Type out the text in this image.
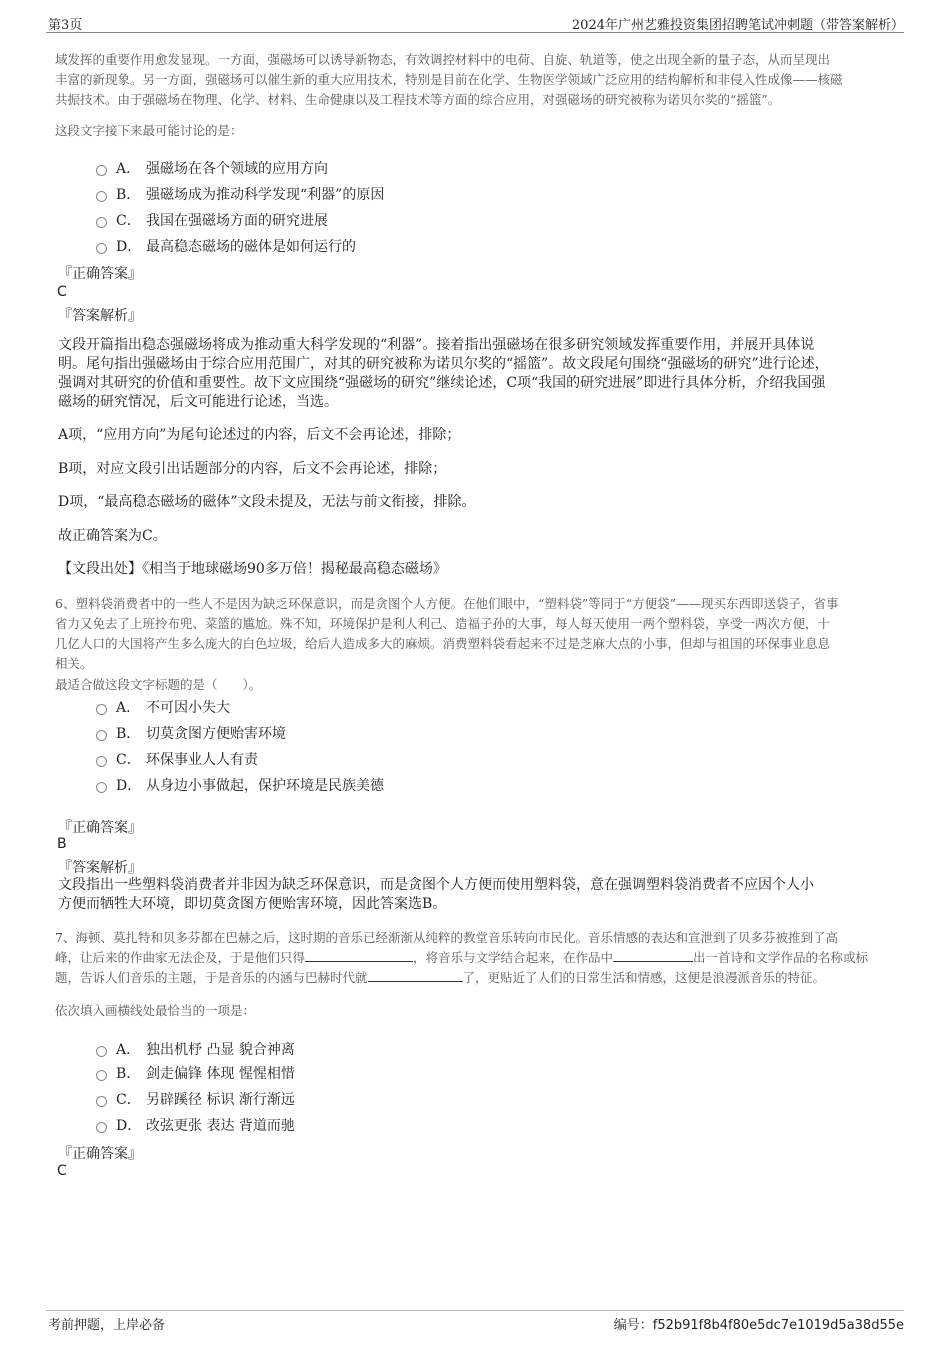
第3页	2024年广州艺雅投资集团招聘笔试冲刺题（带答案解析）
域发挥的重要作用愈发显现。一方面，强磁场可以诱导新物态，有效调控材料中的电荷、自旋、轨道等，使之出现全新的量子态，从而呈现出
丰富的新现象。另一方面，强磁场可以催生新的重大应用技术，特别是目前在化学、生物医学领域广泛应用的结构解析和非侵入性成像——核磁
共振技术。由于强磁场在物理、化学、材料、生命健康以及工程技术等方面的综合应用，对强磁场的研究被称为诺贝尔奖的“摇篮”。
这段文字接下来最可能讨论的是：
A． 强磁场在各个领域的应用方向
B． 强磁场成为推动科学发现“利器”的原因
C． 我国在强磁场方面的研究进展
D． 最高稳态磁场的磁体是如何运行的
『正确答案』
C
『答案解析』
文段开篇指出稳态强磁场将成为推动重大科学发现的“利器”。接着指出强磁场在很多研究领域发挥重要作用，并展开具体说
明。尾句指出强磁场由于综合应用范围广，对其的研究被称为诺贝尔奖的“摇篮”。故文段尾句围绕“强磁场的研究”进行论述，
强调对其研究的价值和重要性。故下文应围绕“强磁场的研究”继续论述，C项“我国的研究进展”即进行具体分析，介绍我国强
磁场的研究情况，后文可能进行论述，当选。
A项，“应用方向”为尾句论述过的内容，后文不会再论述，排除；
B项，对应文段引出话题部分的内容，后文不会再论述，排除；
D项，“最高稳态磁场的磁体”文段未提及，无法与前文衔接，排除。
故正确答案为C。
【文段出处】《相当于地球磁场90多万倍！揭秘最高稳态磁场》
6、塑料袋消费者中的一些人不是因为缺乏环保意识，而是贪图个人方便。在他们眼中，“塑料袋”等同于“方便袋”——现买东西即送袋子，省事
省力又免去了上班拎布兜、菜篮的尴尬。殊不知，环境保护是利人利己、造福子孙的大事，每人每天使用一两个塑料袋，享受一两次方便，十
几亿人口的大国将产生多么庞大的白色垃圾，给后人造成多大的麻烦。消费塑料袋看起来不过是芝麻大点的小事，但却与祖国的环保事业息息
相关。
最适合做这段文字标题的是（　　）。
A． 不可因小失大
B． 切莫贪图方便贻害环境
C． 环保事业人人有责
D． 从身边小事做起，保护环境是民族美德
『正确答案』
B
『答案解析』
文段指出一些塑料袋消费者并非因为缺乏环保意识，而是贪图个人方便而使用塑料袋，意在强调塑料袋消费者不应因个人小
方便而牺牲大环境，即切莫贪图方便贻害环境，因此答案选B。
7、海顿、莫扎特和贝多芬都在巴赫之后，这时期的音乐已经渐渐从纯粹的教堂音乐转向市民化。音乐情感的表达和宣泄到了贝多芬被推到了高
峰，让后来的作曲家无法企及，于是他们只得	，将音乐与文学结合起来，在作品中	出一首诗和文学作品的名称或标
题，告诉人们音乐的主题，于是音乐的内涵与巴赫时代就	了，更贴近了人们的日常生活和情感，这便是浪漫派音乐的特征。
依次填入画横线处最恰当的一项是：
A． 独出机杼 凸显 貌合神离
B． 剑走偏锋 体现 惺惺相惜
C． 另辟蹊径 标识 渐行渐远
D． 改弦更张 表达 背道而驰
『正确答案』
C
考前押题，上岸必备	编号：f52b91f8b4f80e5dc7e1019d5a38d55e
